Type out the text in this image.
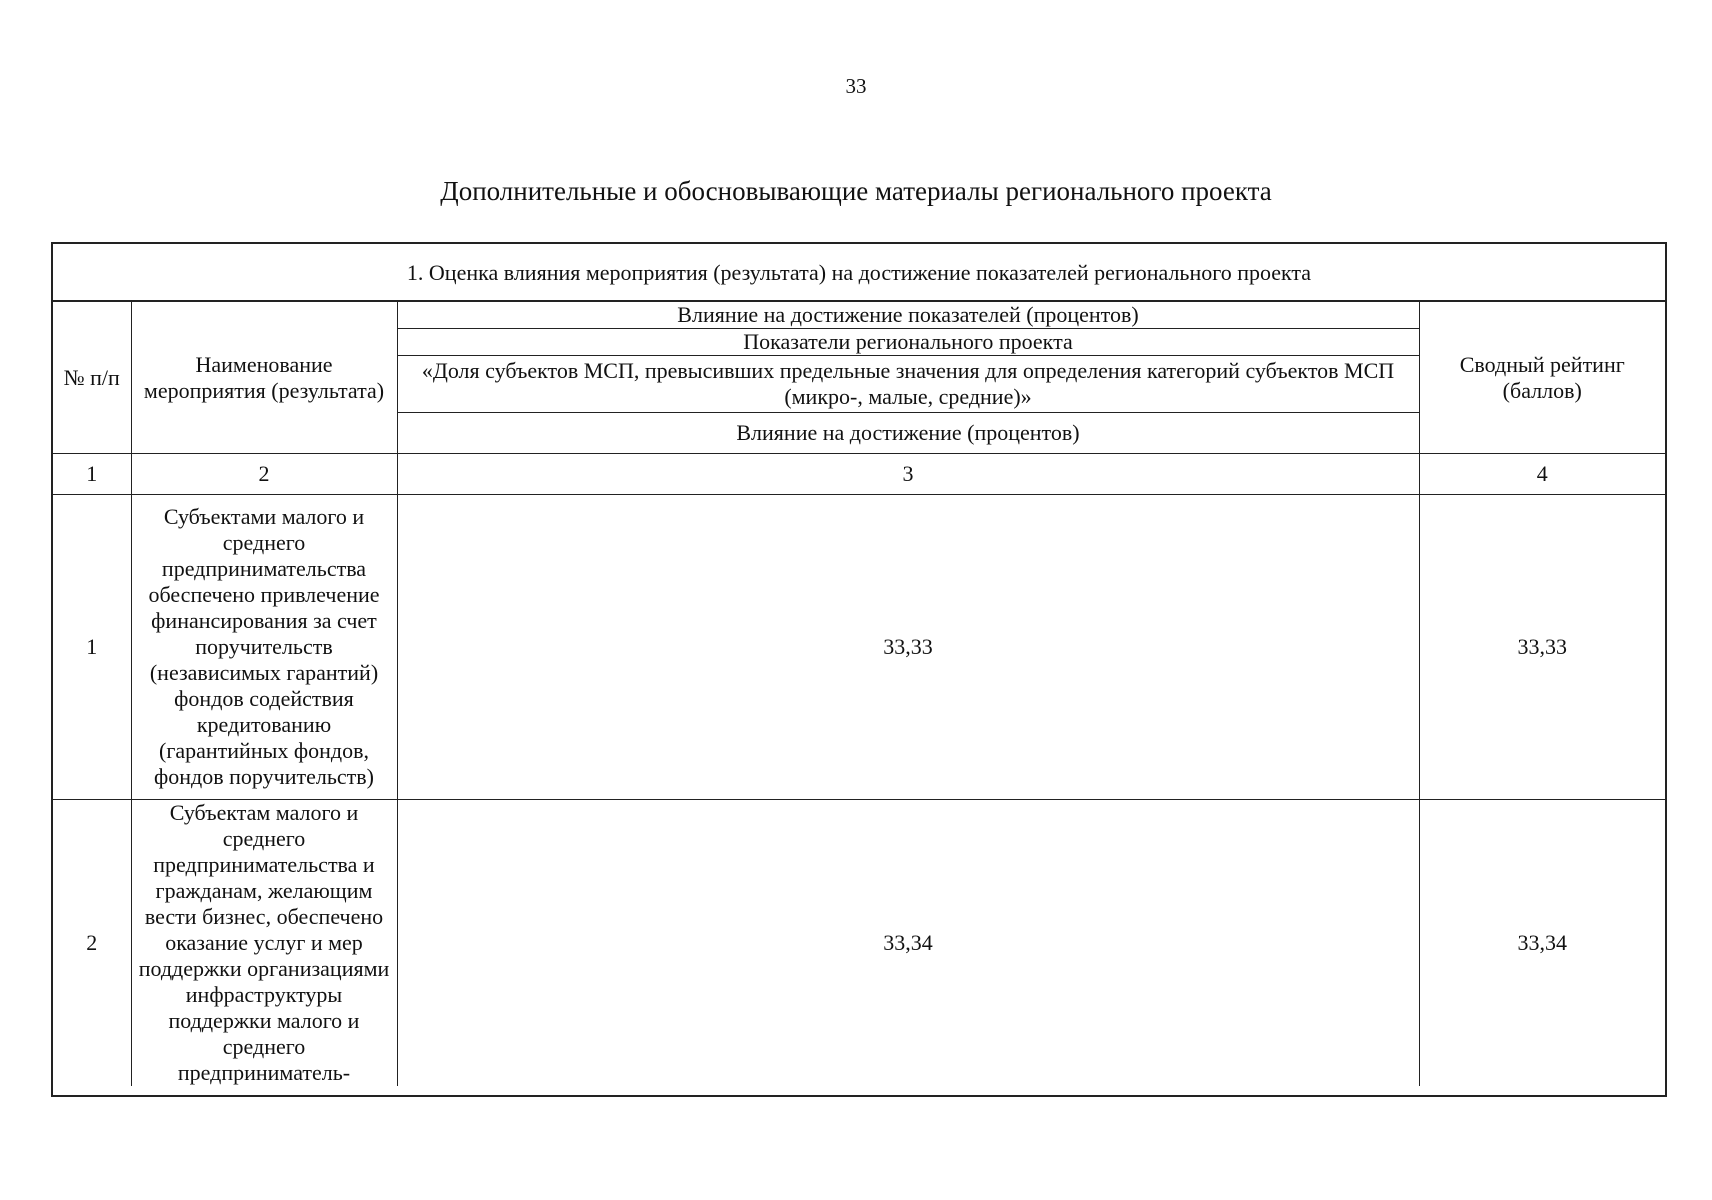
33
Дополнительные и обосновывающие материалы регионального проекта
1. Оценка влияния мероприятия (результата) на достижение показателей регионального проекта
№ п/п	Наименование мероприятия (результата)	Влияние на достижение показателей (процентов)	Сводный рейтинг (баллов)
		Показатели регионального проекта	
		«Доля субъектов МСП, превысивших предельные значения для определения категорий субъектов МСП (микро-, малые, средние)»	
		Влияние на достижение (процентов)	
1	2	3	4
1	Субъектами малого и среднего предпринимательства обеспечено привлечение финансирования за счет поручительств (независимых гарантий) фондов содействия кредитованию (гарантийных фондов, фондов поручительств)	33,33	33,33
2	Субъектам малого и среднего предпринимательства и гражданам, желающим вести бизнес, обеспечено оказание услуг и мер поддержки организациями инфраструктуры поддержки малого и среднего предприниматель-	33,34	33,34
